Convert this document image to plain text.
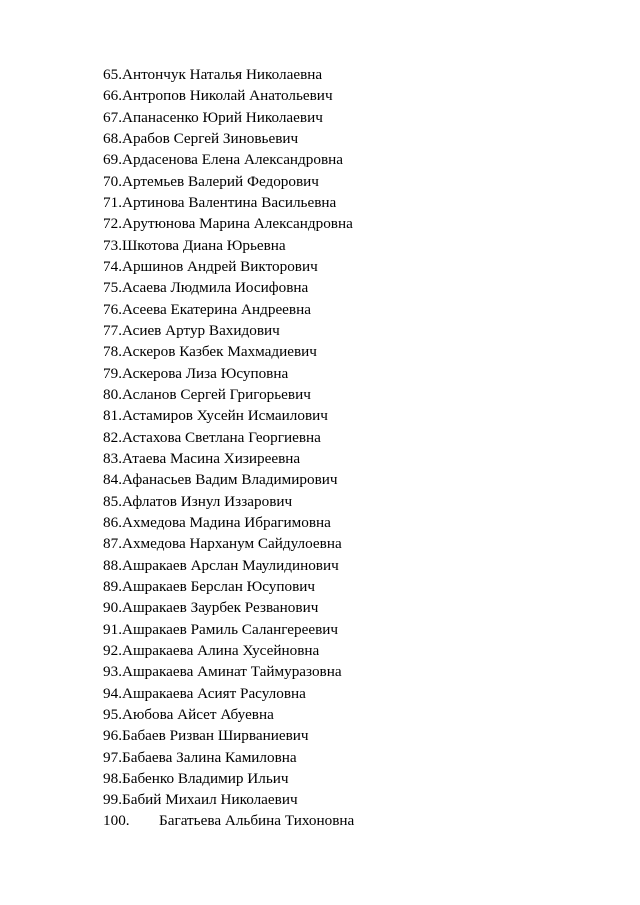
65. Антончук Наталья Николаевна
66. Антропов Николай Анатольевич
67. Апанасенко Юрий Николаевич
68. Арабов Сергей Зиновьевич
69. Ардасенова Елена Александровна
70. Артемьев Валерий Федорович
71. Артинова Валентина Васильевна
72. Арутюнова Марина Александровна
73. Шкотова Диана Юрьевна
74. Аршинов Андрей Викторович
75. Асаева Людмила Иосифовна
76. Асеева Екатерина Андреевна
77. Асиев Артур Вахидович
78. Аскеров Казбек Махмадиевич
79. Аскерова Лиза Юсуповна
80. Асланов Сергей Григорьевич
81. Астамиров Хусейн Исмаилович
82. Астахова Светлана Георгиевна
83. Атаева Масина Хизиреевна
84. Афанасьев Вадим Владимирович
85. Афлатов Изнул Иззарович
86. Ахмедова Мадина Ибрагимовна
87. Ахмедова Нарханум Сайдулоевна
88. Ашракаев Арслан Маулидинович
89. Ашракаев Берслан Юсупович
90. Ашракаев Заурбек Резванович
91. Ашракаев Рамиль Салангереевич
92. Ашракаева Алина Хусейновна
93. Ашракаева Аминат Таймуразовна
94. Ашракаева Асият Расуловна
95. Аюбова Айсет Абуевна
96. Бабаев Ризван Ширваниевич
97. Бабаева Залина Камиловна
98. Бабенко Владимир Ильич
99. Бабий Михаил Николаевич
100.	Багатьева Альбина Тихоновна
